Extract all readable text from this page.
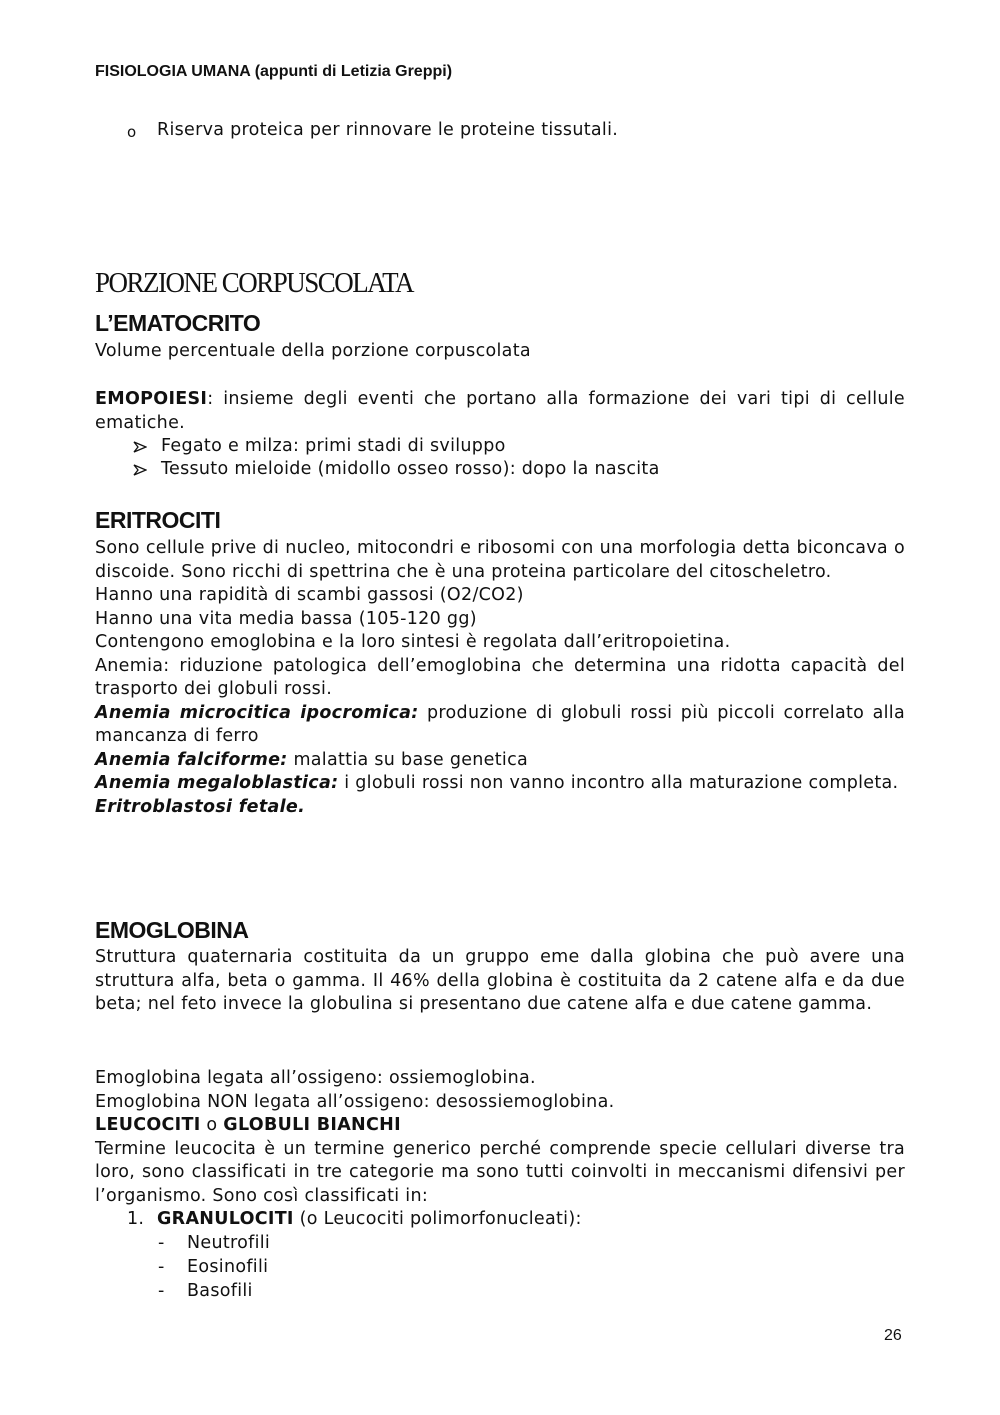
FISIOLOGIA UMANA (appunti di Letizia Greppi)
o Riserva proteica per rinnovare le proteine tissutali.
PORZIONE CORPUSCOLATA
L’EMATOCRITO
Volume percentuale della porzione corpuscolata
EMOPOIESI: insieme degli eventi che portano alla formazione dei vari tipi di cellule ematiche.
Fegato e milza: primi stadi di sviluppo
Tessuto mieloide (midollo osseo rosso): dopo la nascita
ERITROCITI

Sono cellule prive di nucleo, mitocondri e ribosomi con una morfologia detta biconcava o discoide. Sono ricchi di spettrina che è una proteina particolare del citoscheletro.

Hanno una rapidità di scambi gassosi (O2/CO2)

Hanno una vita media bassa (105-120 gg)

Contengono emoglobina e la loro sintesi è regolata dall’eritropoietina.

Anemia: riduzione patologica dell’emoglobina che determina una ridotta capacità del trasporto dei globuli rossi.

Anemia microcitica ipocromica: produzione di globuli rossi più piccoli correlato alla mancanza di ferro

Anemia falciforme: malattia su base genetica

Anemia megaloblastica: i globuli rossi non vanno incontro alla maturazione completa.

Eritroblastosi fetale.

EMOGLOBINA

Struttura quaternaria costituita da un gruppo eme dalla globina che può avere una struttura alfa, beta o gamma. Il 46% della globina è costituita da 2 catene alfa e da due beta; nel feto invece la globulina si presentano due catene alfa e due catene gamma.

Emoglobina legata all’ossigeno: ossiemoglobina.

Emoglobina NON legata all’ossigeno: desossiemoglobina.

LEUCOCITI o GLOBULI BIANCHI

Termine leucocita è un termine generico perché comprende specie cellulari diverse tra loro, sono classificati in tre categorie ma sono tutti coinvolti in meccanismi difensivi per l’organismo. Sono così classificati in:

1. GRANULOCITI (o Leucociti polimorfonucleati):
- Neutrofili
- Eosinofili
- Basofili
26
